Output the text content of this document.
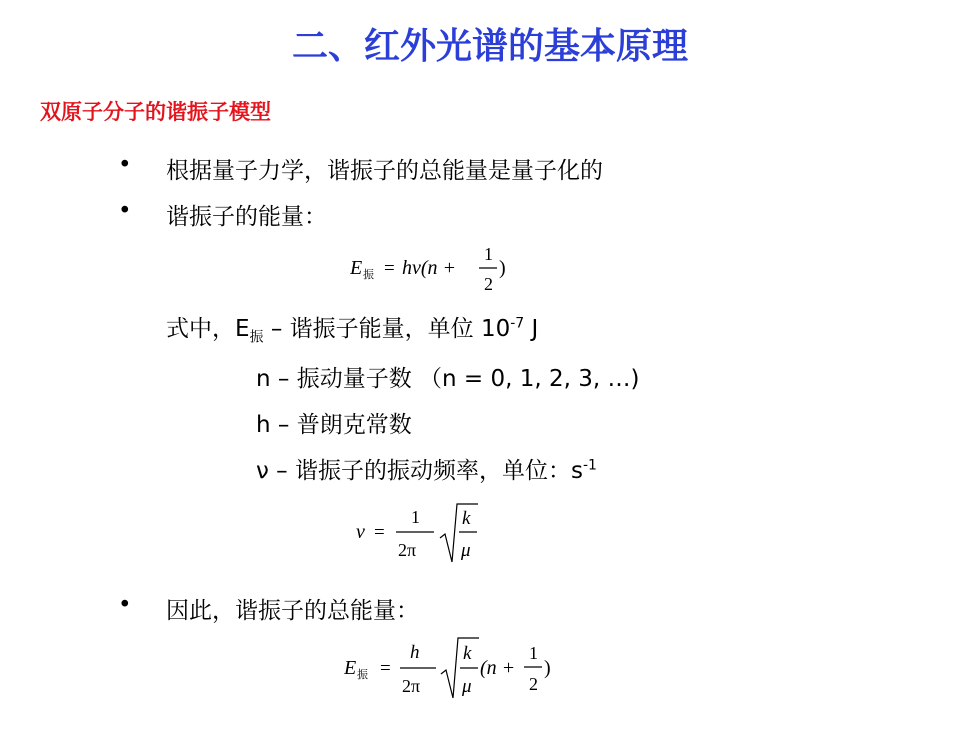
二、红外光谱的基本原理
双原子分子的谐振子模型
• 根据量子力学，谐振子的总能量是量子化的
• 谐振子的能量：
E 振 = hν(n +
1
2
)
式中，$E_振$ – 谐振子能量，单位 $10^{-7}$ J
n – 振动量子数 （n = 0, 1, 2, 3, …)
h – 普朗克常数
ν – 谐振子的振动频率，单位：$s^{-1}$
ν =
1
2π
k
μ
• 因此，谐振子的总能量：
E 振 =
h
2π
k
μ
(n +
1
2
)
